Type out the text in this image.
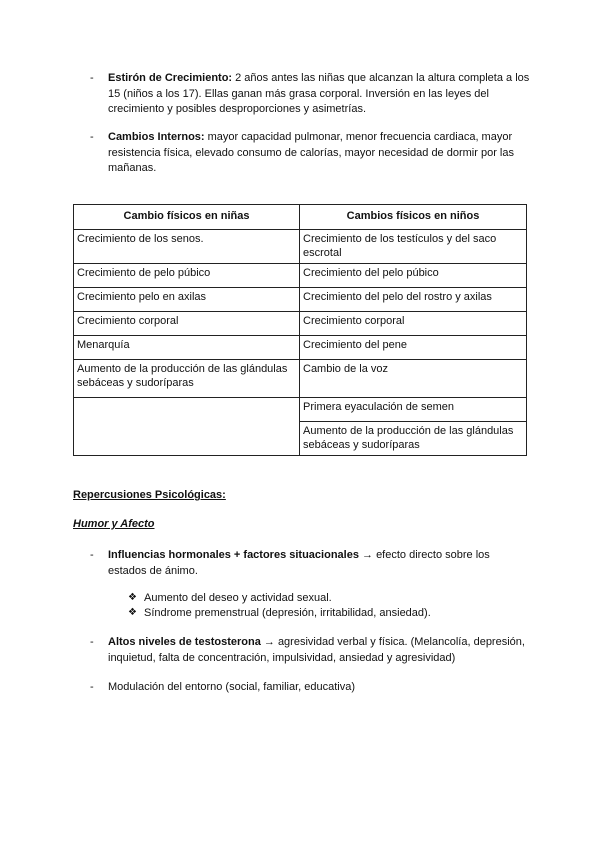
- Estirón de Crecimiento: 2 años antes las niñas que alcanzan la altura completa a los 15 (niños a los 17). Ellas ganan más grasa corporal. Inversión en las leyes del crecimiento y posibles desproporciones y asimetrías.
- Cambios Internos: mayor capacidad pulmonar, menor frecuencia cardiaca, mayor resistencia física, elevado consumo de calorías, mayor necesidad de dormir por las mañanas.
Cambio físicos en niñas	Cambios físicos en niños
Crecimiento de los senos.	Crecimiento de los testículos y del saco escrotal
Crecimiento de pelo púbico	Crecimiento del pelo púbico
Crecimiento pelo en axilas	Crecimiento del pelo del rostro y axilas
Crecimiento corporal	Crecimiento corporal
Menarquía	Crecimiento del pene
Aumento de la producción de las glándulas sebáceas y sudoríparas	Cambio de la voz
	Primera eyaculación de semen
	Aumento de la producción de las glándulas sebáceas y sudoríparas
Repercusiones Psicológicas:
Humor y Afecto
- Influencias hormonales + factores situacionales → efecto directo sobre los estados de ánimo.
❖ Aumento del deseo y actividad sexual.
❖ Síndrome premenstrual (depresión, irritabilidad, ansiedad).
- Altos niveles de testosterona → agresividad verbal y física. (Melancolía, depresión, inquietud, falta de concentración, impulsividad, ansiedad y agresividad)
- Modulación del entorno (social, familiar, educativa)
